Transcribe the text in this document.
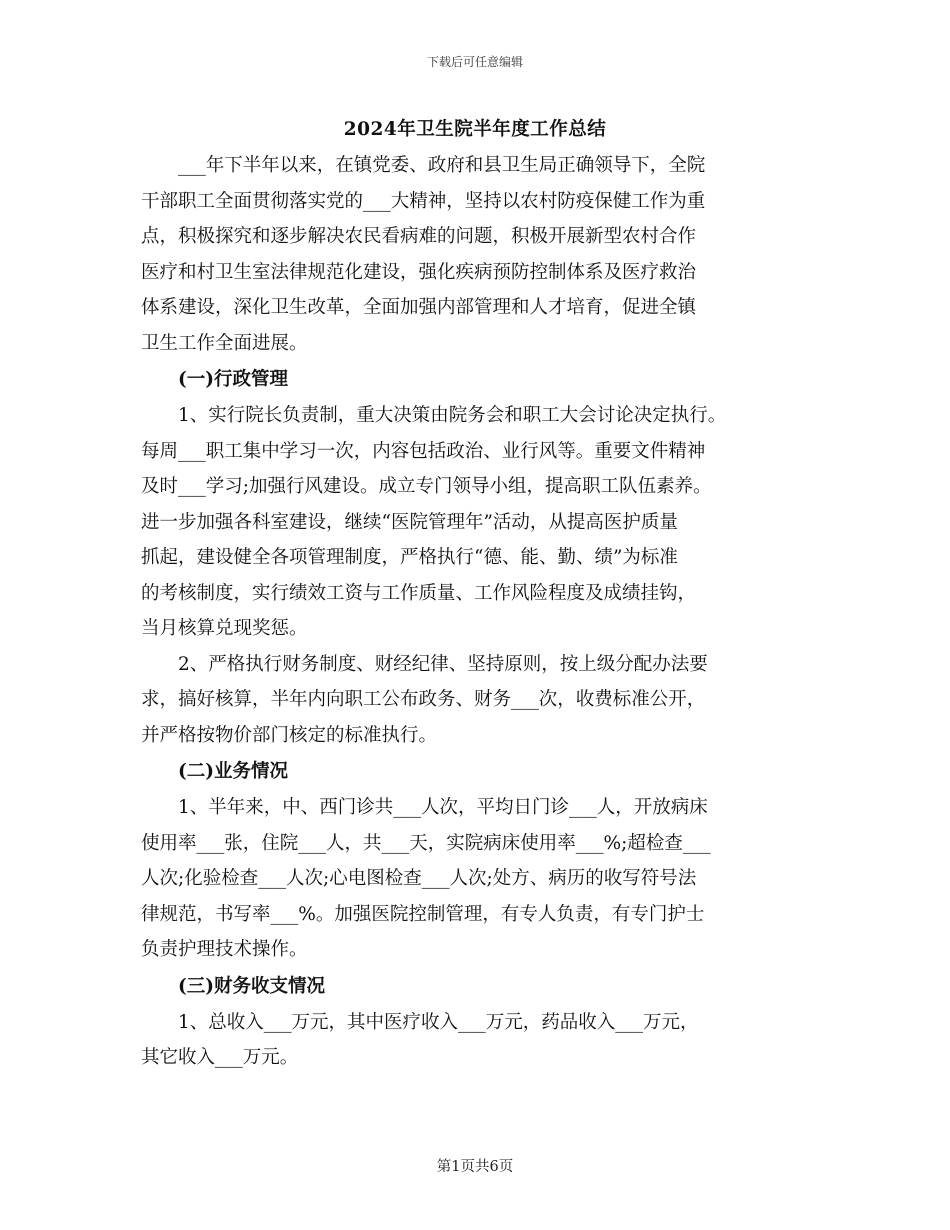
下载后可任意编辑
2024年卫生院半年度工作总结

___年下半年以来，在镇党委、政府和县卫生局正确领导下，全院
干部职工全面贯彻落实党的___大精神，坚持以农村防疫保健工作为重
点，积极探究和逐步解决农民看病难的问题，积极开展新型农村合作
医疗和村卫生室法律规范化建设，强化疾病预防控制体系及医疗救治
体系建设，深化卫生改革，全面加强内部管理和人才培育，促进全镇
卫生工作全面进展。

(一)行政管理

1、实行院长负责制，重大决策由院务会和职工大会讨论决定执行。
每周___职工集中学习一次，内容包括政治、业行风等。重要文件精神
及时___学习;加强行风建设。成立专门领导小组，提高职工队伍素养。
进一步加强各科室建设，继续“医院管理年”活动，从提高医护质量
抓起，建设健全各项管理制度，严格执行“德、能、勤、绩”为标准
的考核制度，实行绩效工资与工作质量、工作风险程度及成绩挂钩，
当月核算兑现奖惩。

2、严格执行财务制度、财经纪律、坚持原则，按上级分配办法要
求，搞好核算，半年内向职工公布政务、财务___次，收费标准公开，
并严格按物价部门核定的标准执行。

(二)业务情况

1、半年来，中、西门诊共___人次，平均日门诊___人，开放病床
使用率___张，住院___人，共___天，实院病床使用率___%;超检查___
人次;化验检查___人次;心电图检查___人次;处方、病历的收写符号法
律规范，书写率___%。加强医院控制管理，有专人负责，有专门护士
负责护理技术操作。

(三)财务收支情况

1、总收入___万元，其中医疗收入___万元，药品收入___万元，
其它收入___万元。

第1页共6页
